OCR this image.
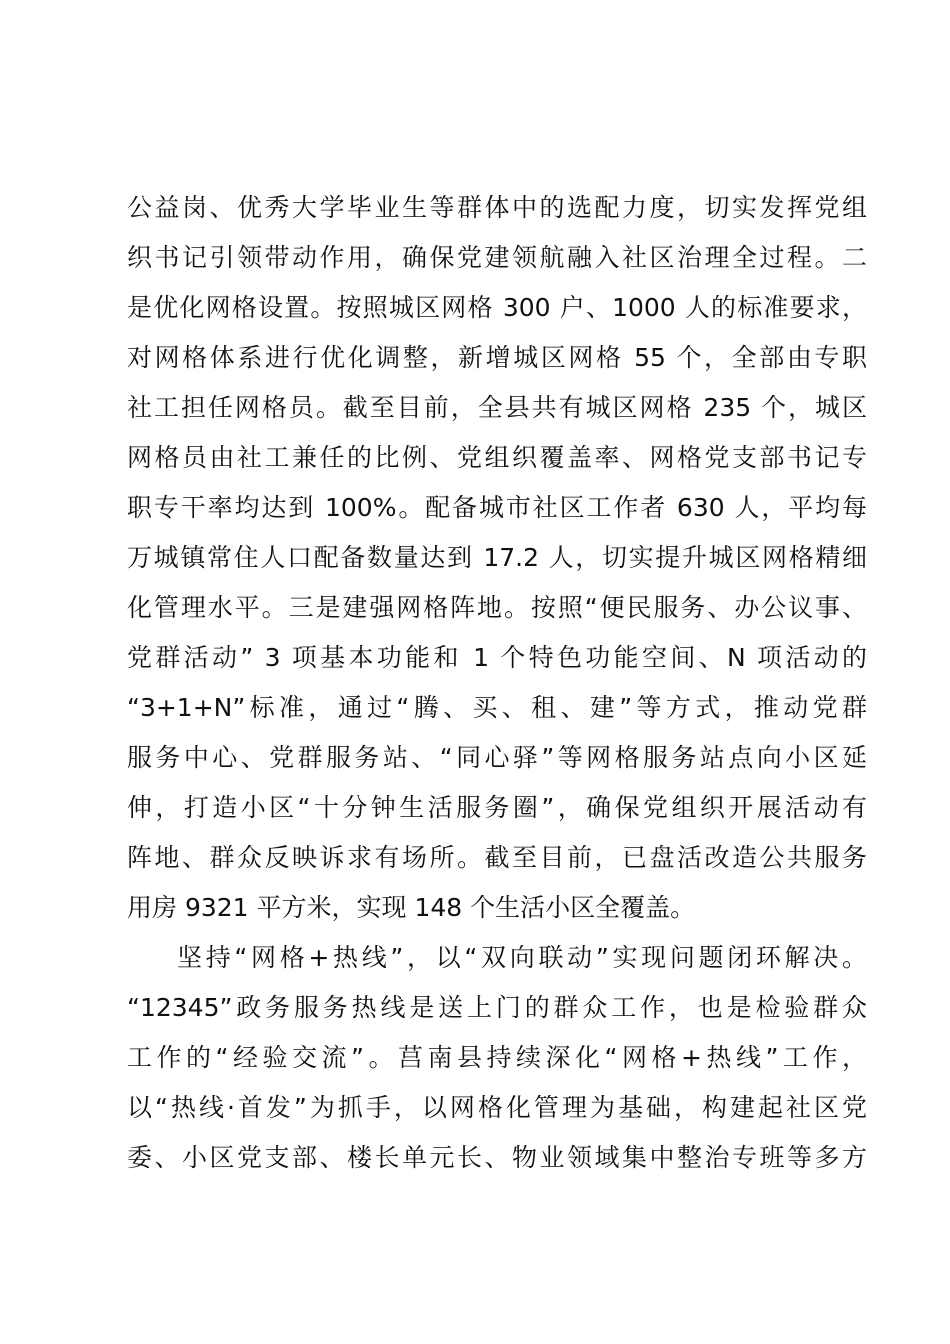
公益岗、优秀大学毕业生等群体中的选配力度，切实发挥党组
织书记引领带动作用，确保党建领航融入社区治理全过程。二
是优化网格设置。按照城区网格 300 户、1000 人的标准要求，
对网格体系进行优化调整，新增城区网格 55 个，全部由专职
社工担任网格员。截至目前，全县共有城区网格 235 个，城区
网格员由社工兼任的比例、党组织覆盖率、网格党支部书记专
职专干率均达到 100%。配备城市社区工作者 630 人，平均每
万城镇常住人口配备数量达到 17.2 人，切实提升城区网格精细
化管理水平。三是建强网格阵地。按照“便民服务、办公议事、
党群活动” 3 项基本功能和 1 个特色功能空间、N 项活动的
“3+1+N”标准，通过“腾、买、租、建”等方式，推动党群
服务中心、党群服务站、“同心驿”等网格服务站点向小区延
伸，打造小区“十分钟生活服务圈”，确保党组织开展活动有
阵地、群众反映诉求有场所。截至目前，已盘活改造公共服务
用房 9321 平方米，实现 148 个生活小区全覆盖。
坚持“网格+热线”，以“双向联动”实现问题闭环解决。
“12345”政务服务热线是送上门的群众工作，也是检验群众
工作的“经验交流”。莒南县持续深化“网格+热线”工作，
以“热线·首发”为抓手，以网格化管理为基础，构建起社区党
委、小区党支部、楼长单元长、物业领域集中整治专班等多方
